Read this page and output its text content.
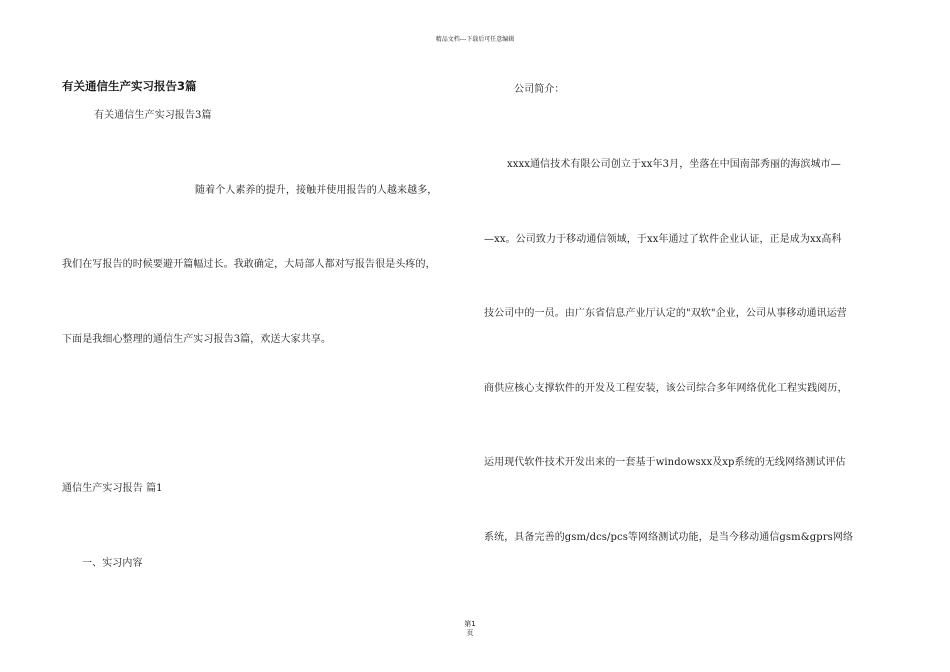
精品文档---下载后可任意编辑
有关通信生产实习报告3篇
有关通信生产实习报告3篇
随着个人素养的提升，接触并使用报告的人越来越多，
我们在写报告的时候要避开篇幅过长。我敢确定，大局部人都对写报告很是头疼的，
下面是我细心整理的通信生产实习报告3篇，欢送大家共享。
通信生产实习报告 篇1
一、实习内容
公司简介：
xxxx通信技术有限公司创立于xx年3月，坐落在中国南部秀丽的海滨城市—
—xx。公司致力于移动通信领域，于xx年通过了软件企业认证，正是成为xx高科
技公司中的一员。由广东省信息产业厅认定的"双软"企业，公司从事移动通讯运营
商供应核心支撑软件的开发及工程安装，该公司综合多年网络优化工程实践阅历，
运用现代软件技术开发出来的一套基于windowsxx及xp系统的无线网络测试评估
系统，具备完善的gsm/dcs/pcs等网络测试功能，是当今移动通信gsm&gprs网络
第1
页
